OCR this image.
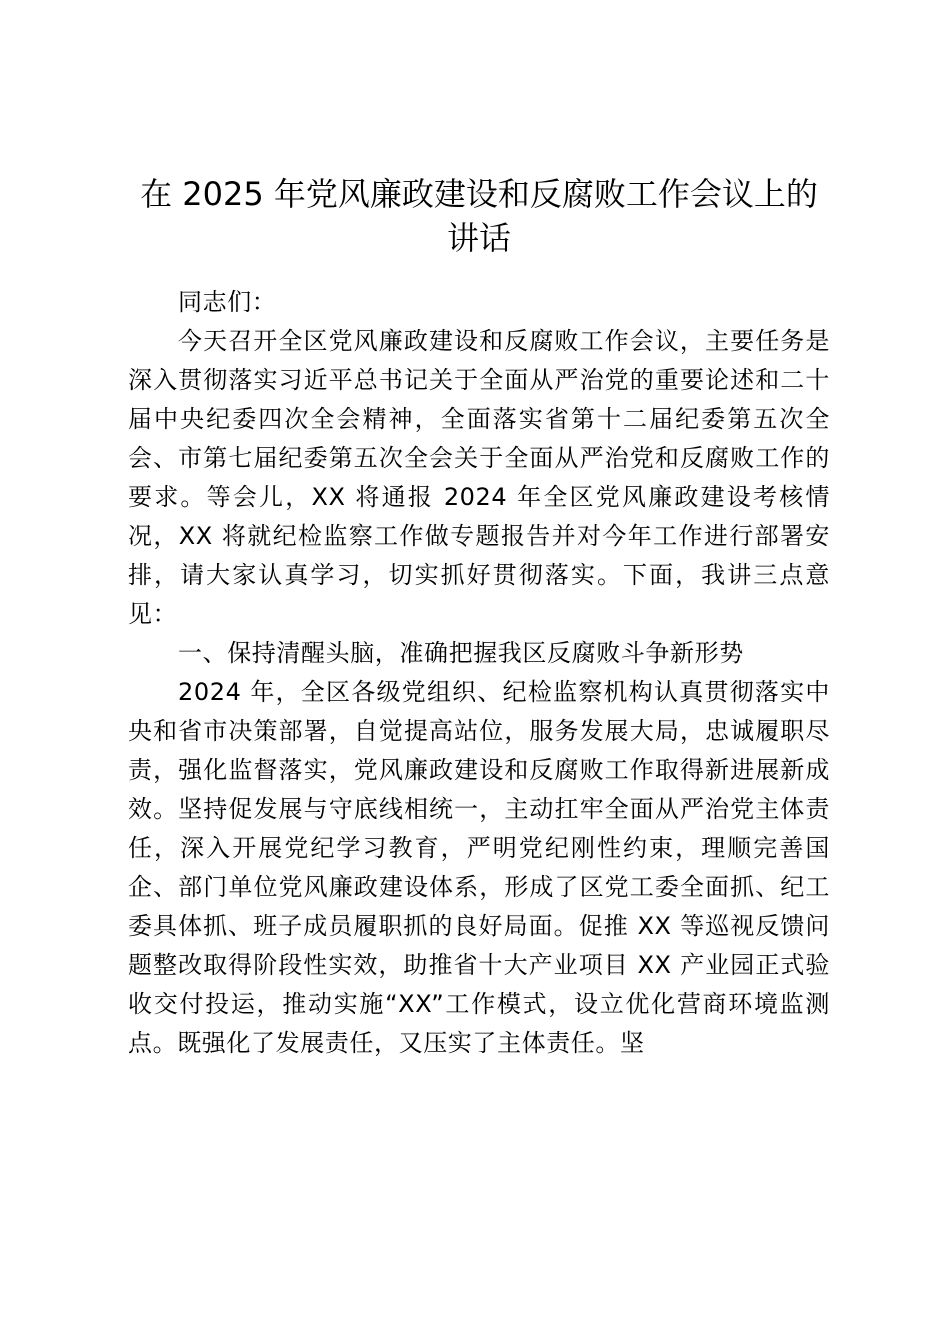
在 2025 年党风廉政建设和反腐败工作会议上的讲话

同志们：

今天召开全区党风廉政建设和反腐败工作会议，主要任务是深入贯彻落实习近平总书记关于全面从严治党的重要论述和二十届中央纪委四次全会精神，全面落实省第十二届纪委第五次全会、市第七届纪委第五次全会关于全面从严治党和反腐败工作的要求。等会儿，XX 将通报 2024 年全区党风廉政建设考核情况，XX 将就纪检监察工作做专题报告并对今年工作进行部署安排，请大家认真学习，切实抓好贯彻落实。下面，我讲三点意见：

一、保持清醒头脑，准确把握我区反腐败斗争新形势

2024 年，全区各级党组织、纪检监察机构认真贯彻落实中央和省市决策部署，自觉提高站位，服务发展大局，忠诚履职尽责，强化监督落实，党风廉政建设和反腐败工作取得新进展新成效。坚持促发展与守底线相统一，主动扛牢全面从严治党主体责任，深入开展党纪学习教育，严明党纪刚性约束，理顺完善国企、部门单位党风廉政建设体系，形成了区党工委全面抓、纪工委具体抓、班子成员履职抓的良好局面。促推 XX 等巡视反馈问题整改取得阶段性实效，助推省十大产业项目 XX 产业园正式验收交付投运，推动实施“XX”工作模式，设立优化营商环境监测点。既强化了发展责任，又压实了主体责任。坚
